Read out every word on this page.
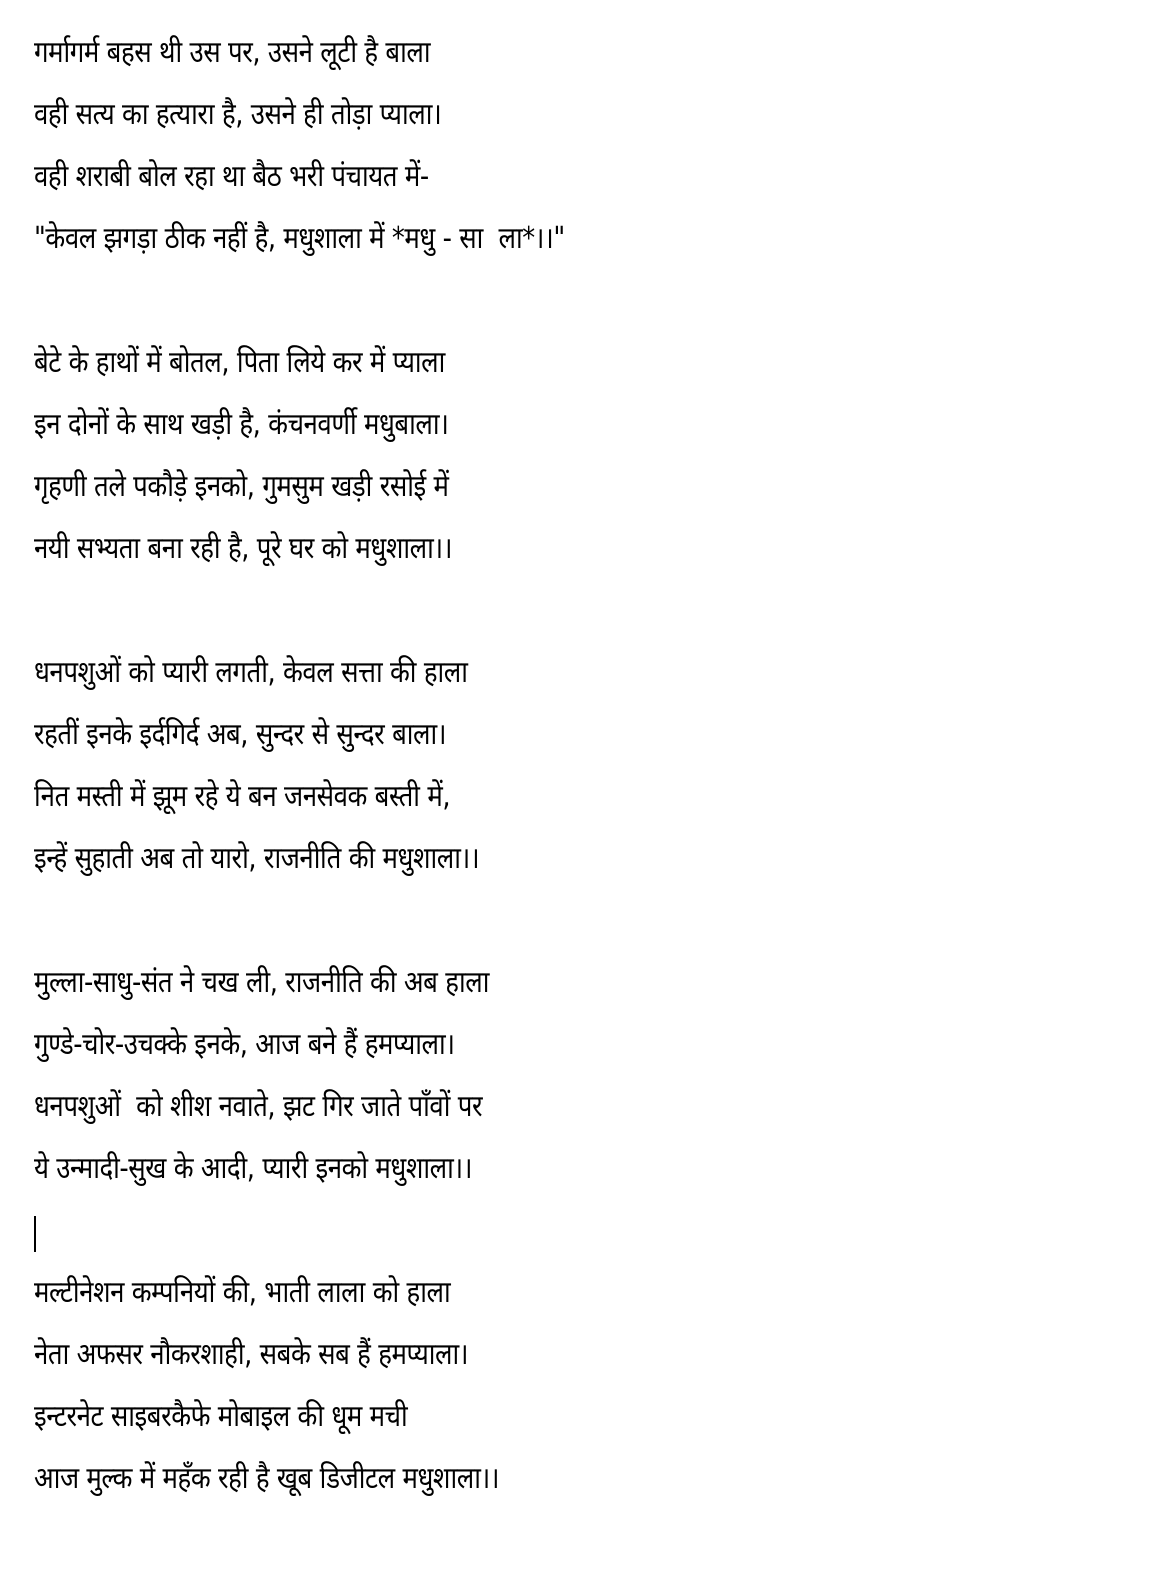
गर्मागर्म बहस थी उस पर, उसने लूटी है बाला
वही सत्य का हत्यारा है, उसने ही तोड़ा प्याला।
वही शराबी बोल रहा था बैठ भरी पंचायत में-
"केवल झगड़ा ठीक नहीं है, मधुशाला में *मधु - सा  ला*।।"
बेटे के हाथों में बोतल, पिता लिये कर में प्याला
इन दोनों के साथ खड़ी है, कंचनवर्णी मधुबाला।
गृहणी तले पकौड़े इनको, गुमसुम खड़ी रसोई में
नयी सभ्यता बना रही है, पूरे घर को मधुशाला।।
धनपशुओं को प्यारी लगती, केवल सत्ता की हाला
रहतीं इनके इर्दगिर्द अब, सुन्दर से सुन्दर बाला।
नित मस्ती में झूम रहे ये बन जनसेवक बस्ती में,
इन्हें सुहाती अब तो यारो, राजनीति की मधुशाला।।
मुल्ला-साधु-संत ने चख ली, राजनीति की अब हाला
गुण्डे-चोर-उचक्के इनके, आज बने हैं हमप्याला।
धनपशुओं  को शीश नवाते, झट गिर जाते पाँवों पर
ये उन्मादी-सुख के आदी, प्यारी इनको मधुशाला।।
मल्टीनेशन कम्पनियों की, भाती लाला को हाला
नेता अफसर नौकरशाही, सबके सब हैं हमप्याला।
इन्टरनेट साइबरकैफे मोबाइल की धूम मची
आज मुल्क में महँक रही है खूब डिजीटल मधुशाला।।
